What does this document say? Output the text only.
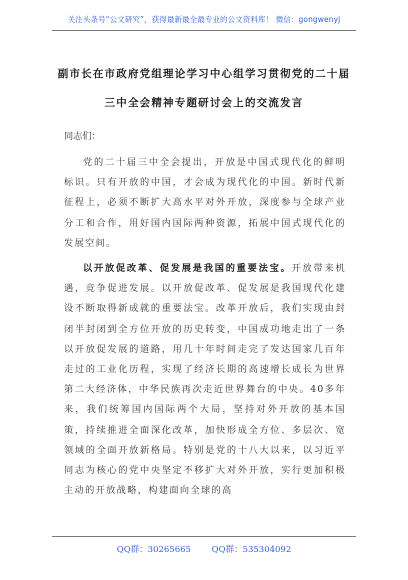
关注头条号“公文研究”，获得最新最全最专业的公文资料库！ 微信：gongwenyj
副市长在市政府党组理论学习中心组学习贯彻党的二十届
三中全会精神专题研讨会上的交流发言
同志们：
党的二十届三中全会提出，开放是中国式现代化的鲜明标识。只有开放的中国，才会成为现代化的中国。新时代新征程上，必须不断扩大高水平对外开放，深度参与全球产业分工和合作，用好国内国际两种资源，拓展中国式现代化的发展空间。
以开放促改革、促发展是我国的重要法宝。开放带来机遇，竞争促进发展。以开放促改革、促发展是我国现代化建设不断取得新成就的重要法宝。改革开放后，我们实现由封闭半封闭到全方位开放的历史转变，中国成功地走出了一条以开放促发展的道路，用几十年时间走完了发达国家几百年走过的工业化历程，实现了经济长期的高速增长成长为世界第二大经济体，中华民族再次走近世界舞台的中央。40多年来，我们统筹国内国际两个大局，坚持对外开放的基本国策，持续推进全面深化改革，加快形成全方位、多层次、宽领域的全面开放新格局。特别是党的十八大以来，以习近平同志为核心的党中央坚定不移扩大对外开放，实行更加积极主动的开放战略，构建面向全球的高
QQ群：30265665 QQ群：535304092
